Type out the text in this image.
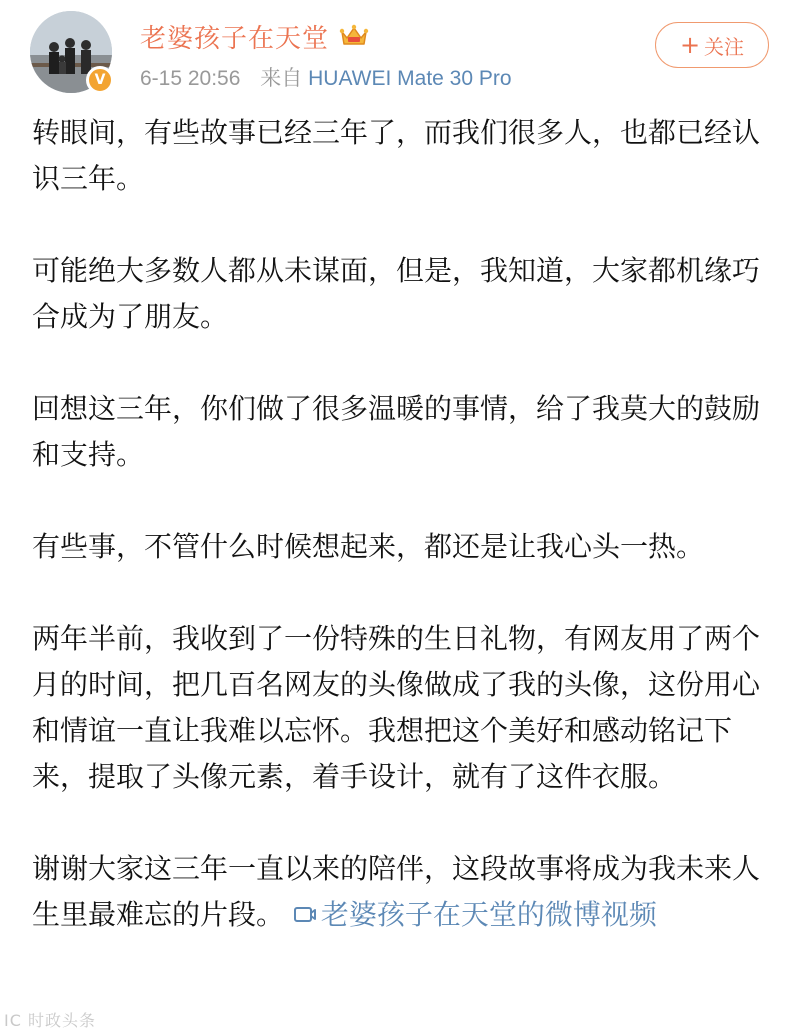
V
老婆孩子在天堂
6-15 20:56 来自 HUAWEI Mate 30 Pro
+ 关注

转眼间，有些故事已经三年了，而我们很多人，也都已经认识三年。

可能绝大多数人都从未谋面，但是，我知道，大家都机缘巧合成为了朋友。

回想这三年，你们做了很多温暖的事情，给了我莫大的鼓励和支持。

有些事，不管什么时候想起来，都还是让我心头一热。

两年半前，我收到了一份特殊的生日礼物，有网友用了两个月的时间，把几百名网友的头像做成了我的头像，这份用心和情谊一直让我难以忘怀。我想把这个美好和感动铭记下来，提取了头像元素，着手设计，就有了这件衣服。

谢谢大家这三年一直以来的陪伴，这段故事将成为我未来人生里最难忘的片段。 老婆孩子在天堂的微博视频

IC 时政头条
